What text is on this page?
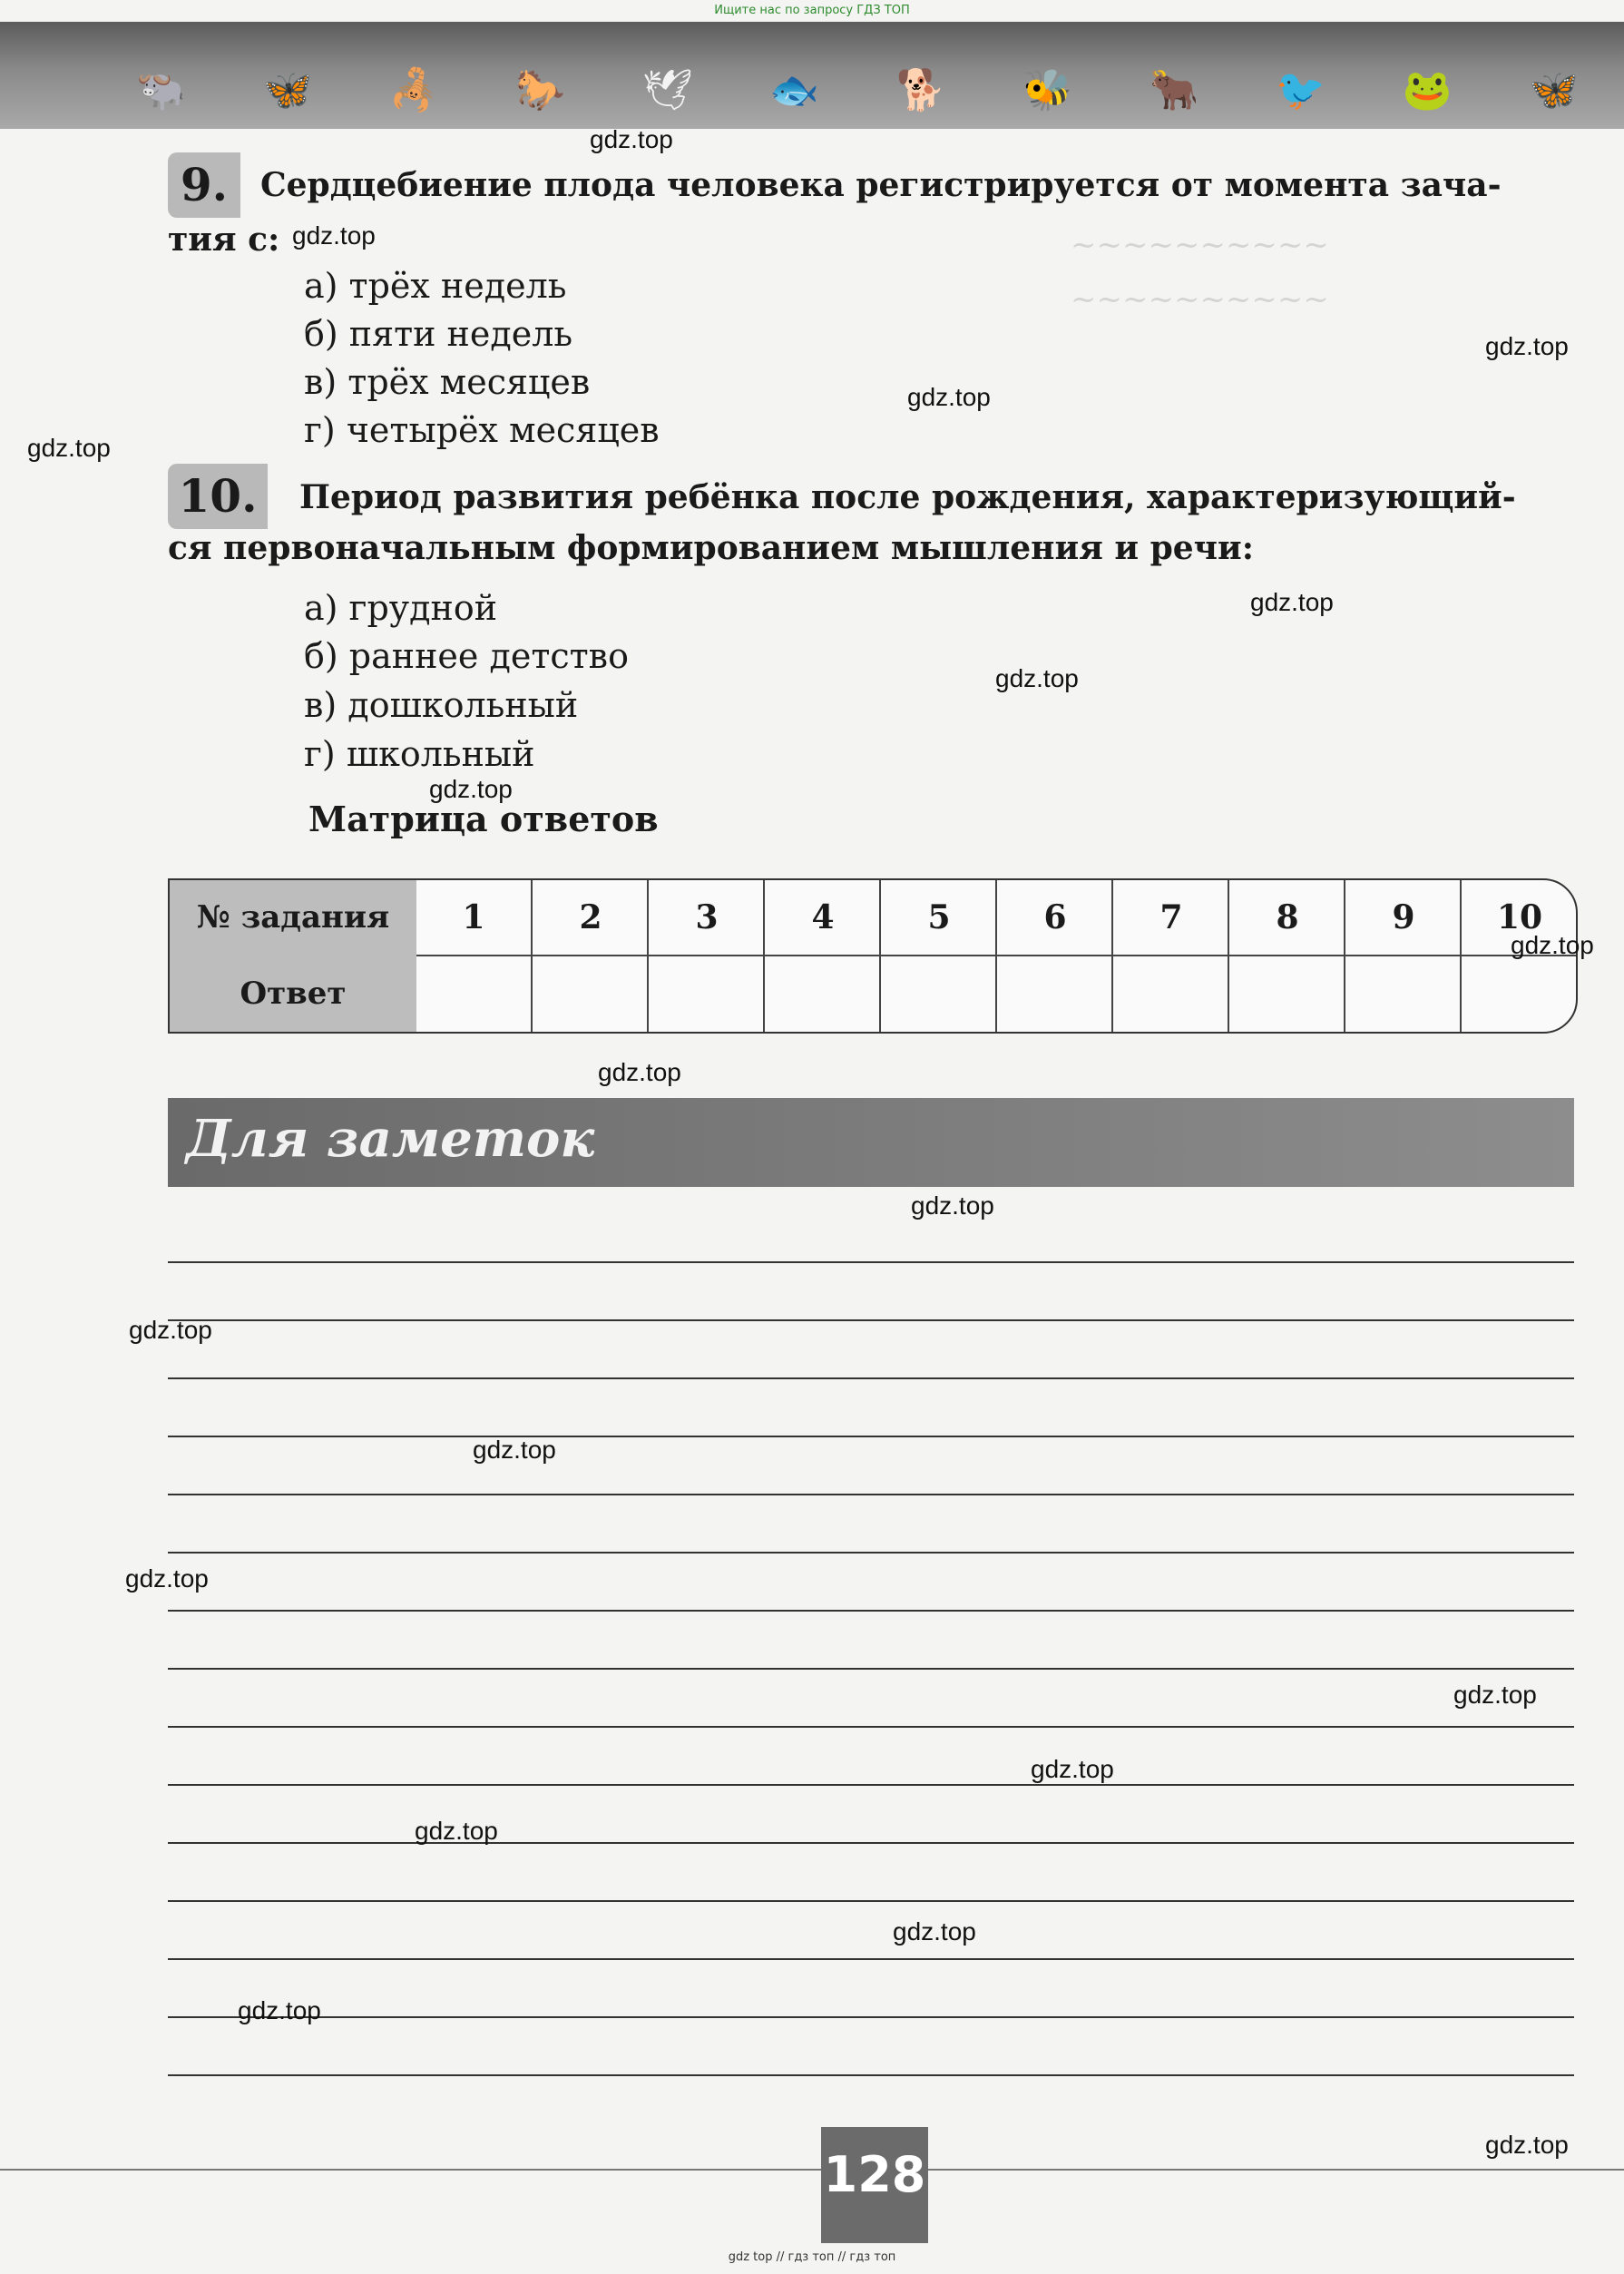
Ищите нас по запросу ГДЗ ТОП
🐃 🦋 🦂 🐎 🕊 🐟 🐕 🐝 🐂 🐦 🐸 🦋
~~~~~~~~~~
~~~~~~~~~~
9. Сердцебиение плода человека регистрируется от момента зача-
тия с:
а) трёх недель
б) пяти недель
в) трёх месяцев
г) четырёх месяцев
10.	Период развития ребёнка после рождения, характеризующий-
ся первоначальным формированием мышления и речи:
а) грудной
б) раннее детство
в) дошкольный
г) школьный
Матрица ответов
№ задания	1	2	3	4	5	6	7	8	9	10
Ответ
Для заметок
gdz.top
gdz.top
gdz.top
gdz.top
gdz.top
gdz.top
gdz.top
gdz.top
gdz.top
gdz.top
gdz.top
gdz.top
gdz.top
gdz.top
gdz.top
gdz.top
gdz.top
gdz.top
gdz.top
gdz.top
128
gdz top // гдз топ // гдз топ
